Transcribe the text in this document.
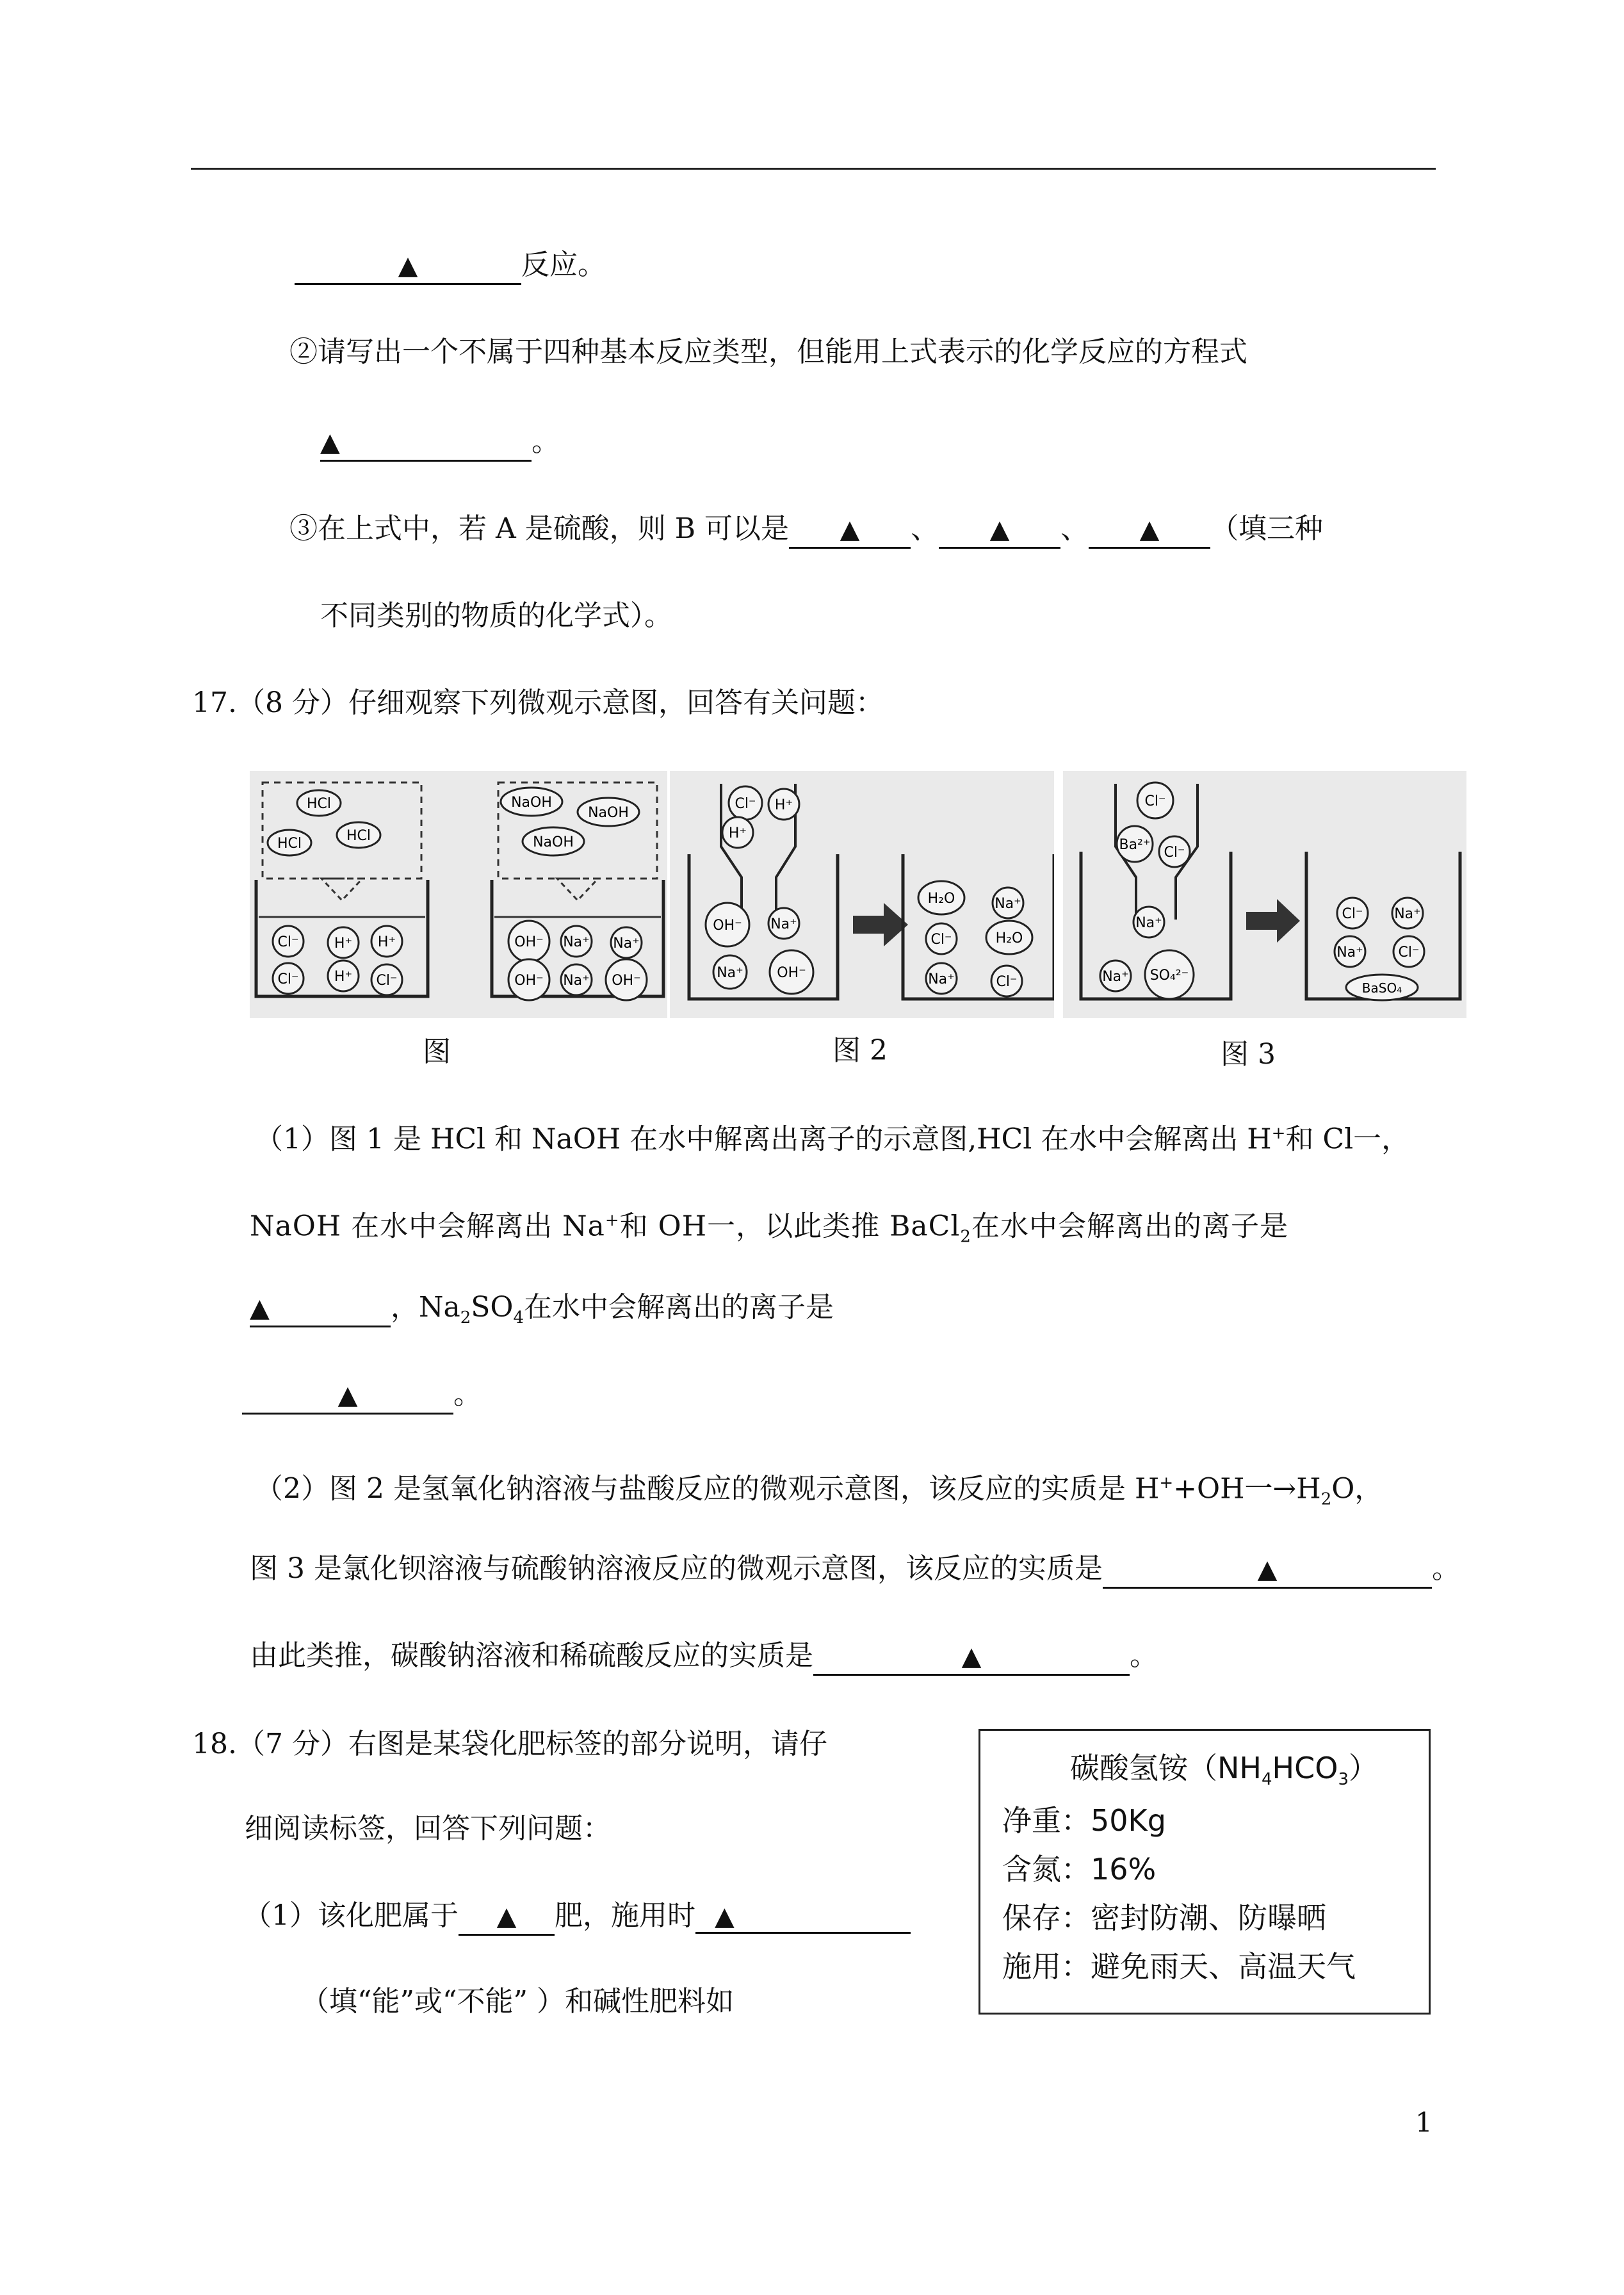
▲	反应。
②请写出一个不属于四种基本反应类型，但能用上式表示的化学反应的方程式
▲	。
③在上式中，若 A 是硫酸，则 B 可以是 ▲ 、 ▲ 、 ▲ （填三种
不同类别的物质的化学式）。
17.（8 分）仔细观察下列微观示意图，回答有关问题：
HCl
HCl	HCl
NaOH
NaOH
NaOH
Cl⁻	H⁺ H⁺
Cl⁻	H⁺ Cl⁻
OH⁻ Na⁺ Na⁺
OH⁻ Na⁺ OH⁻
Cl⁻ H⁺
H⁺
OH⁻ Na⁺
Na⁺ OH⁻
H₂O	Na⁺
Cl⁻	H₂O
Na⁺	Cl⁻
Cl⁻
Ba²⁺ Cl⁻
Na⁺
Na⁺ SO₄²⁻
Cl⁻ Na⁺
Na⁺ Cl⁻
BaSO₄
图	图 2	图 3
（1）图 1 是 HCl 和 NaOH 在水中解离出离子的示意图,HCl 在水中会解离出 H+和 Cl一，
NaOH 在水中会解离出 Na+和 OH一，以此类推 BaCl$_2$在水中会解离出的离子是
▲	，$Na_2SO_4$在水中会解离出的离子是
▲	。
（2）图 2 是氢氧化钠溶液与盐酸反应的微观示意图，该反应的实质是 H++OH一$\to H_2O$，
图 3 是氯化钡溶液与硫酸钠溶液反应的微观示意图，该反应的实质是	▲	。
由此类推，碳酸钠溶液和稀硫酸反应的实质是	▲	。
18.（7 分）右图是某袋化肥标签的部分说明，请仔
细阅读标签，回答下列问题：
（1）该化肥属于 ▲ 肥，施用时 ▲
（填“能”或“不能” ）和碱性肥料如
碳酸氢铵$(NH_4HCO_3)$
净重：50Kg
含氮：16%
保存：密封防潮、防曝晒
施用：避免雨天、高温天气
1
